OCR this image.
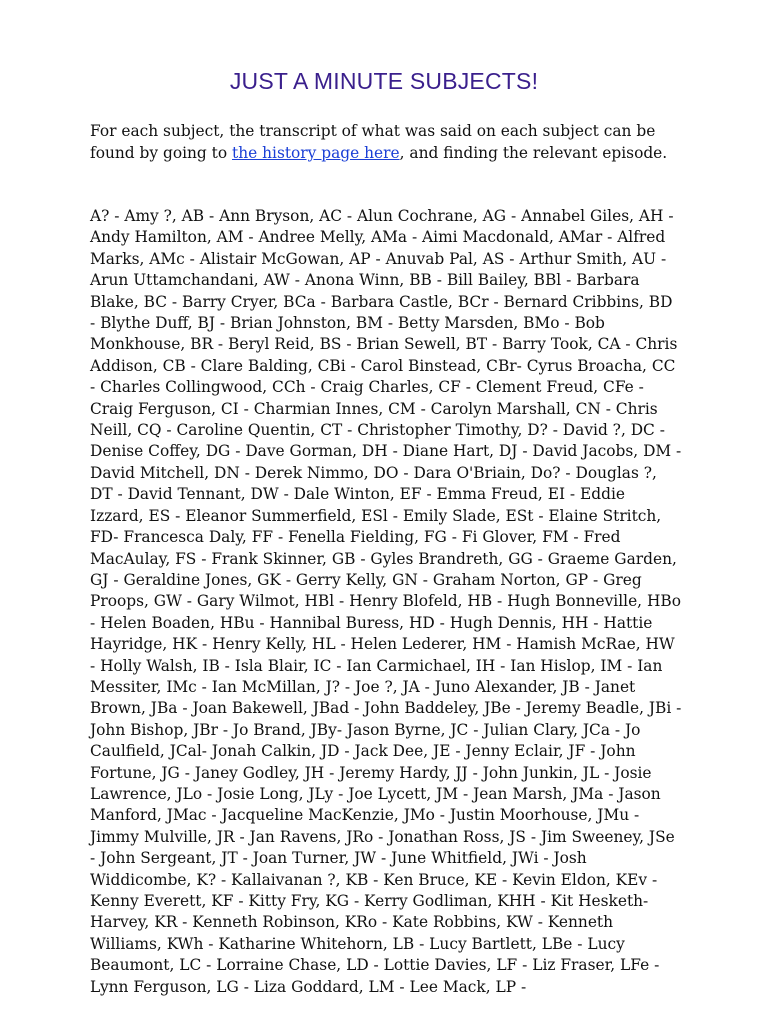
JUST A MINUTE SUBJECTS!

For each subject, the transcript of what was said on each subject can be found by going to the history page here, and finding the relevant episode.

A? - Amy ?, AB - Ann Bryson, AC - Alun Cochrane, AG - Annabel Giles, AH - Andy Hamilton, AM - Andree Melly, AMa - Aimi Macdonald, AMar - Alfred Marks, AMc - Alistair McGowan, AP - Anuvab Pal, AS - Arthur Smith, AU - Arun Uttamchandani, AW - Anona Winn, BB - Bill Bailey, BBl - Barbara Blake, BC - Barry Cryer, BCa - Barbara Castle, BCr - Bernard Cribbins, BD - Blythe Duff, BJ - Brian Johnston, BM - Betty Marsden, BMo - Bob Monkhouse, BR - Beryl Reid, BS - Brian Sewell, BT - Barry Took, CA - Chris Addison, CB - Clare Balding, CBi - Carol Binstead, CBr- Cyrus Broacha, CC - Charles Collingwood, CCh - Craig Charles, CF - Clement Freud, CFe - Craig Ferguson, CI - Charmian Innes, CM - Carolyn Marshall, CN - Chris Neill, CQ - Caroline Quentin, CT - Christopher Timothy, D? - David ?, DC - Denise Coffey, DG - Dave Gorman, DH - Diane Hart, DJ - David Jacobs, DM - David Mitchell, DN - Derek Nimmo, DO - Dara O'Briain, Do? - Douglas ?, DT - David Tennant, DW - Dale Winton, EF - Emma Freud, EI - Eddie Izzard, ES - Eleanor Summerfield, ESl - Emily Slade, ESt - Elaine Stritch, FD- Francesca Daly, FF - Fenella Fielding, FG - Fi Glover, FM - Fred MacAulay, FS - Frank Skinner, GB - Gyles Brandreth, GG - Graeme Garden, GJ - Geraldine Jones, GK - Gerry Kelly, GN - Graham Norton, GP - Greg Proops, GW - Gary Wilmot, HBl - Henry Blofeld, HB - Hugh Bonneville, HBo - Helen Boaden, HBu - Hannibal Buress, HD - Hugh Dennis, HH - Hattie Hayridge, HK - Henry Kelly, HL - Helen Lederer, HM - Hamish McRae, HW - Holly Walsh, IB - Isla Blair, IC - Ian Carmichael, IH - Ian Hislop, IM - Ian Messiter, IMc - Ian McMillan, J? - Joe ?, JA - Juno Alexander, JB - Janet Brown, JBa - Joan Bakewell, JBad - John Baddeley, JBe - Jeremy Beadle, JBi - John Bishop, JBr - Jo Brand, JBy- Jason Byrne, JC - Julian Clary, JCa - Jo Caulfield, JCal- Jonah Calkin, JD - Jack Dee, JE - Jenny Eclair, JF - John Fortune, JG - Janey Godley, JH - Jeremy Hardy, JJ - John Junkin, JL - Josie Lawrence, JLo - Josie Long, JLy - Joe Lycett, JM - Jean Marsh, JMa - Jason Manford, JMac - Jacqueline MacKenzie, JMo - Justin Moorhouse, JMu - Jimmy Mulville, JR - Jan Ravens, JRo - Jonathan Ross, JS - Jim Sweeney, JSe - John Sergeant, JT - Joan Turner, JW - June Whitfield, JWi - Josh Widdicombe, K? - Kallaivanan ?, KB - Ken Bruce, KE - Kevin Eldon, KEv - Kenny Everett, KF - Kitty Fry, KG - Kerry Godliman, KHH - Kit Hesketh-Harvey, KR - Kenneth Robinson, KRo - Kate Robbins, KW - Kenneth Williams, KWh - Katharine Whitehorn, LB - Lucy Bartlett, LBe - Lucy Beaumont, LC - Lorraine Chase, LD - Lottie Davies, LF - Liz Fraser, LFe - Lynn Ferguson, LG - Liza Goddard, LM - Lee Mack, LP -
